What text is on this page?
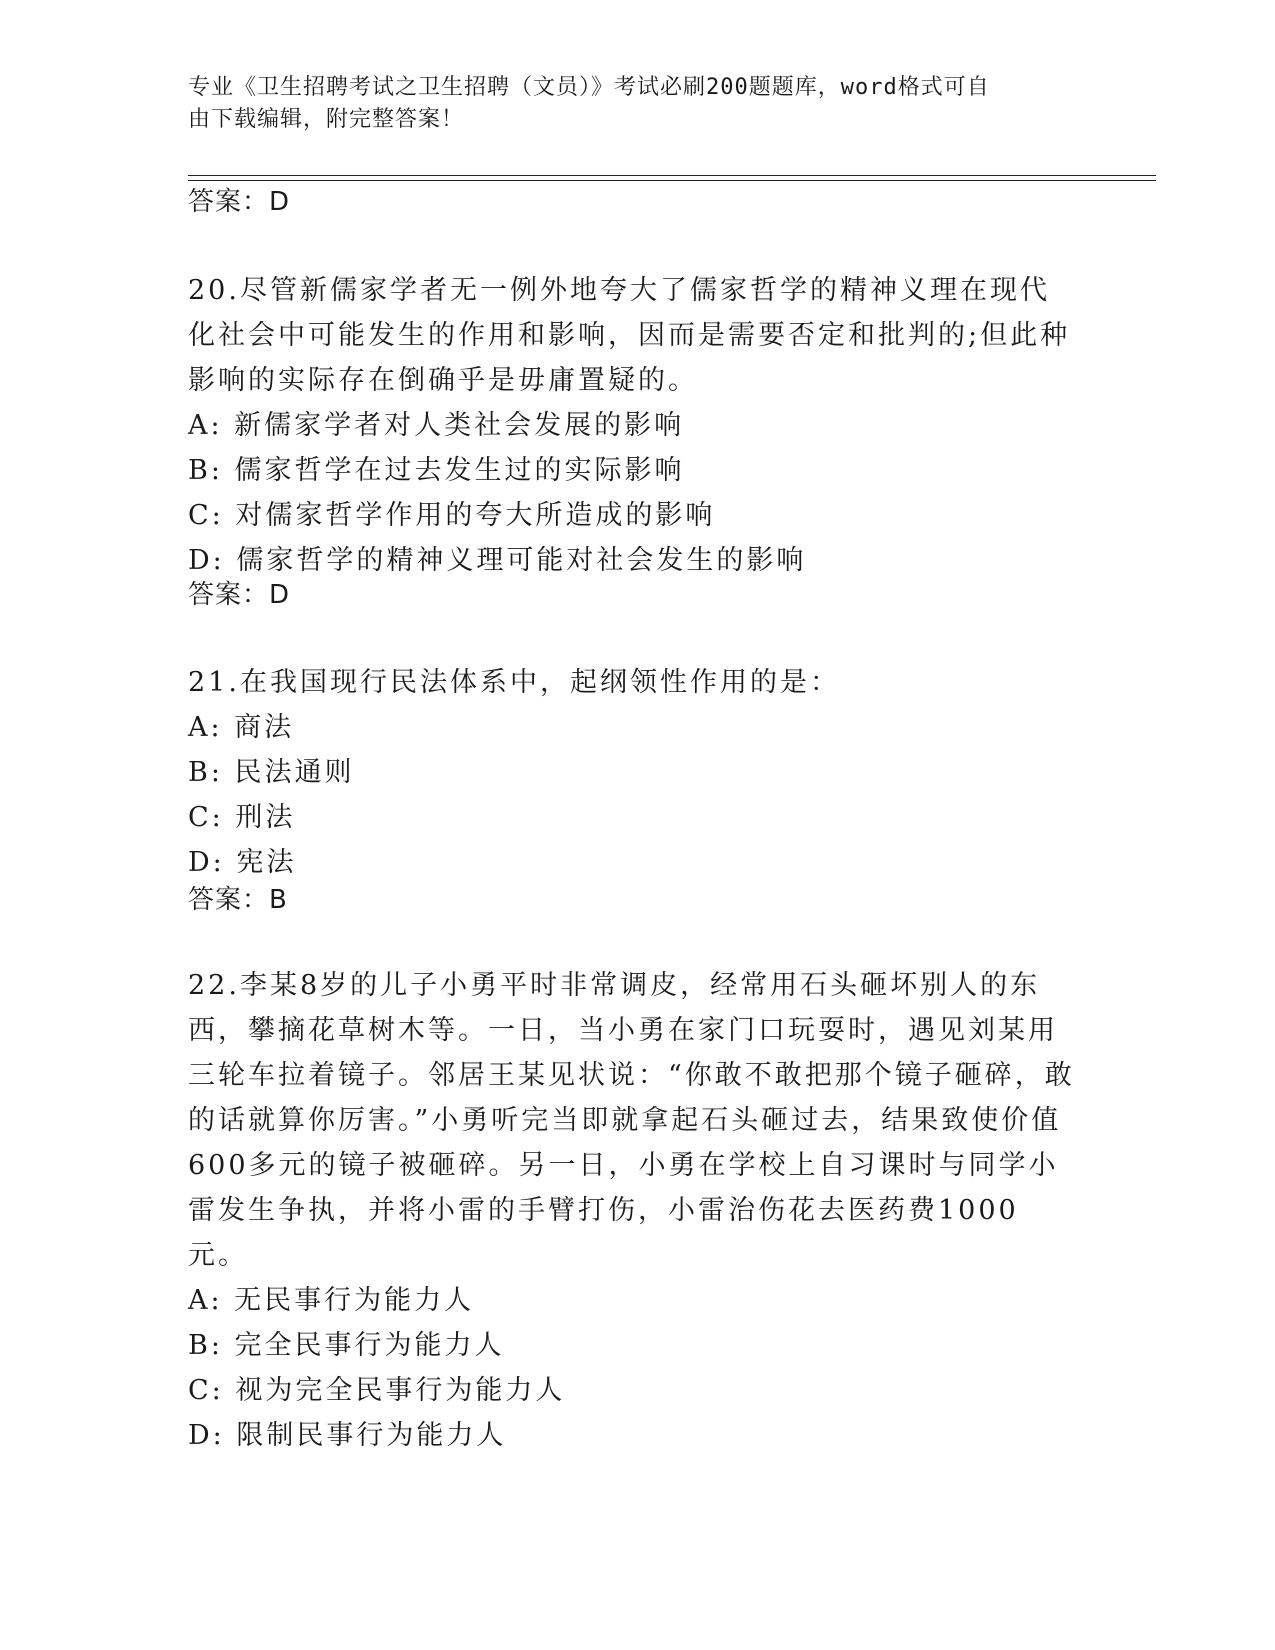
专业《卫生招聘考试之卫生招聘（文员）》考试必刷200题题库，word格式可自
由下载编辑，附完整答案！
答案：D

20.尽管新儒家学者无一例外地夸大了儒家哲学的精神义理在现代化社会中可能发生的作用和影响，因而是需要否定和批判的;但此种影响的实际存在倒确乎是毋庸置疑的。

A: 新儒家学者对人类社会发展的影响
B: 儒家哲学在过去发生过的实际影响
C: 对儒家哲学作用的夸大所造成的影响
D: 儒家哲学的精神义理可能对社会发生的影响
答案：D

21.在我国现行民法体系中，起纲领性作用的是：

A: 商法
B: 民法通则
C: 刑法
D: 宪法
答案：B

22.李某8岁的儿子小勇平时非常调皮，经常用石头砸坏别人的东西，攀摘花草树木等。一日，当小勇在家门口玩耍时，遇见刘某用三轮车拉着镜子。邻居王某见状说：“你敢不敢把那个镜子砸碎，敢的话就算你厉害。”小勇听完当即就拿起石头砸过去，结果致使价值600多元的镜子被砸碎。另一日，小勇在学校上自习课时与同学小雷发生争执，并将小雷的手臂打伤，小雷治伤花去医药费1000元。

A: 无民事行为能力人
B: 完全民事行为能力人
C: 视为完全民事行为能力人
D: 限制民事行为能力人
